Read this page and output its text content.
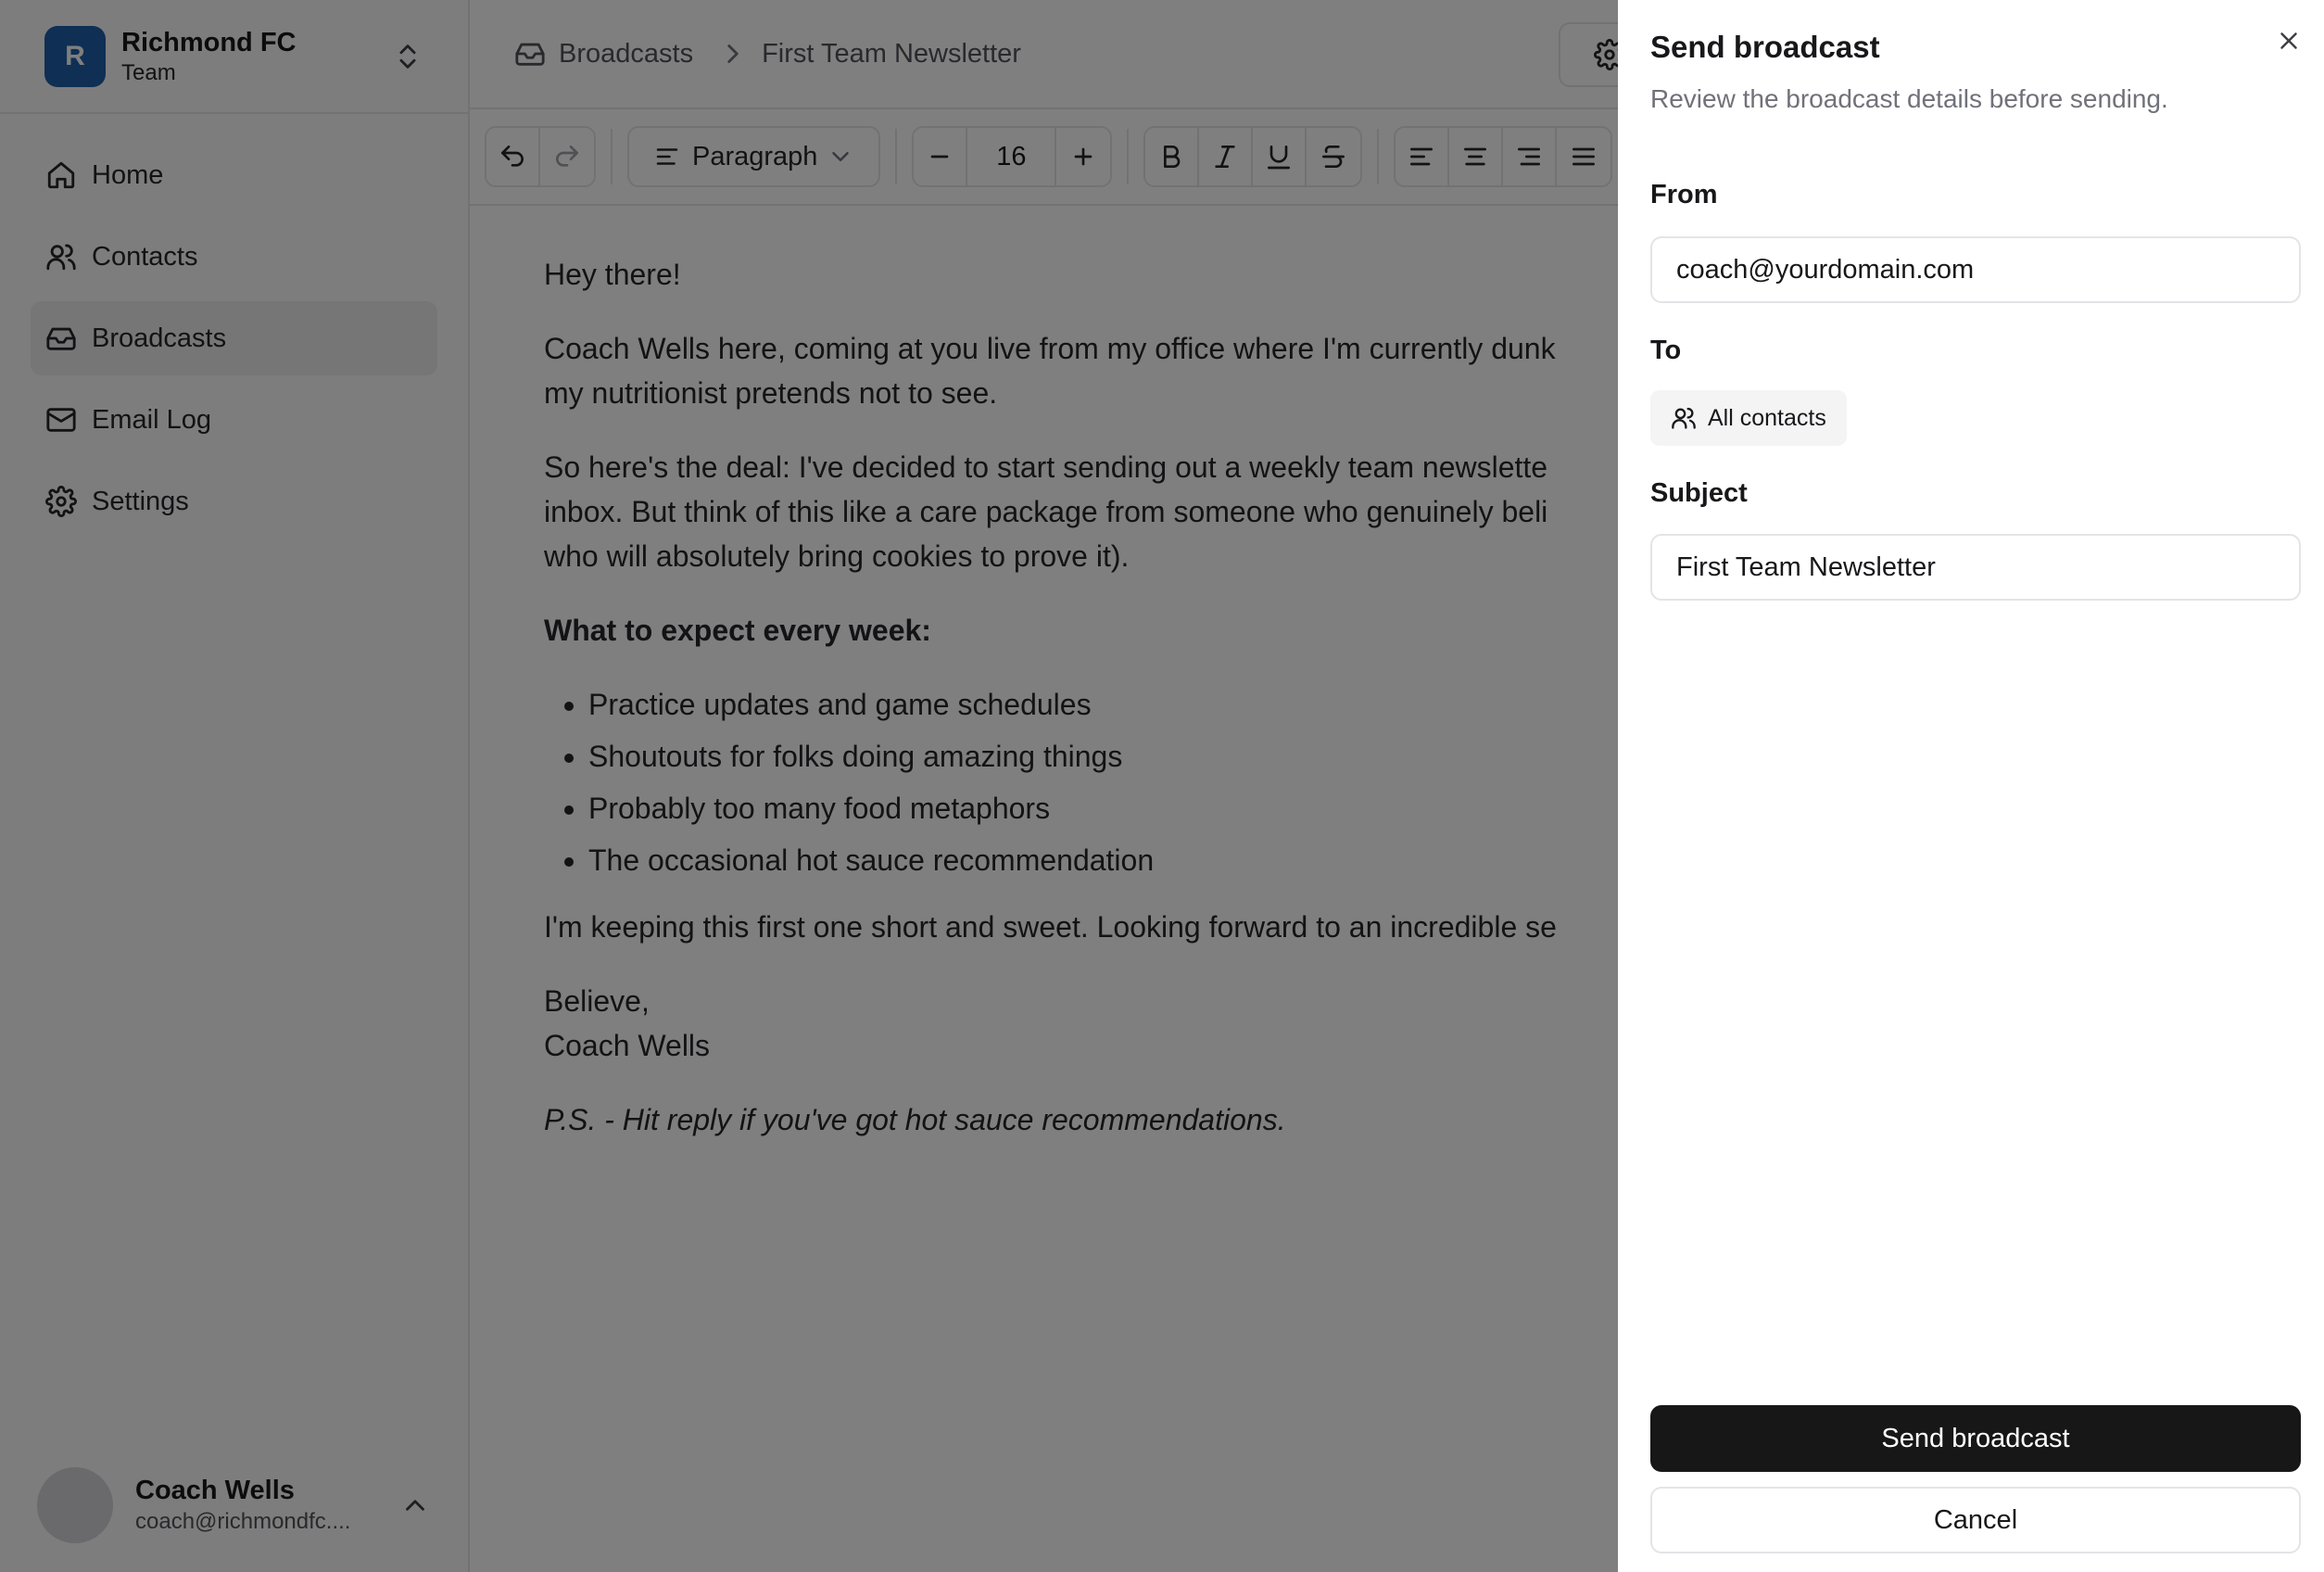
•
•
•
•

Send broadcast

Review the broadcast details before sending.

From
coach@yourdomain.com
To
All contacts
Subject
First Team Newsletter
Send broadcast
Cancel
